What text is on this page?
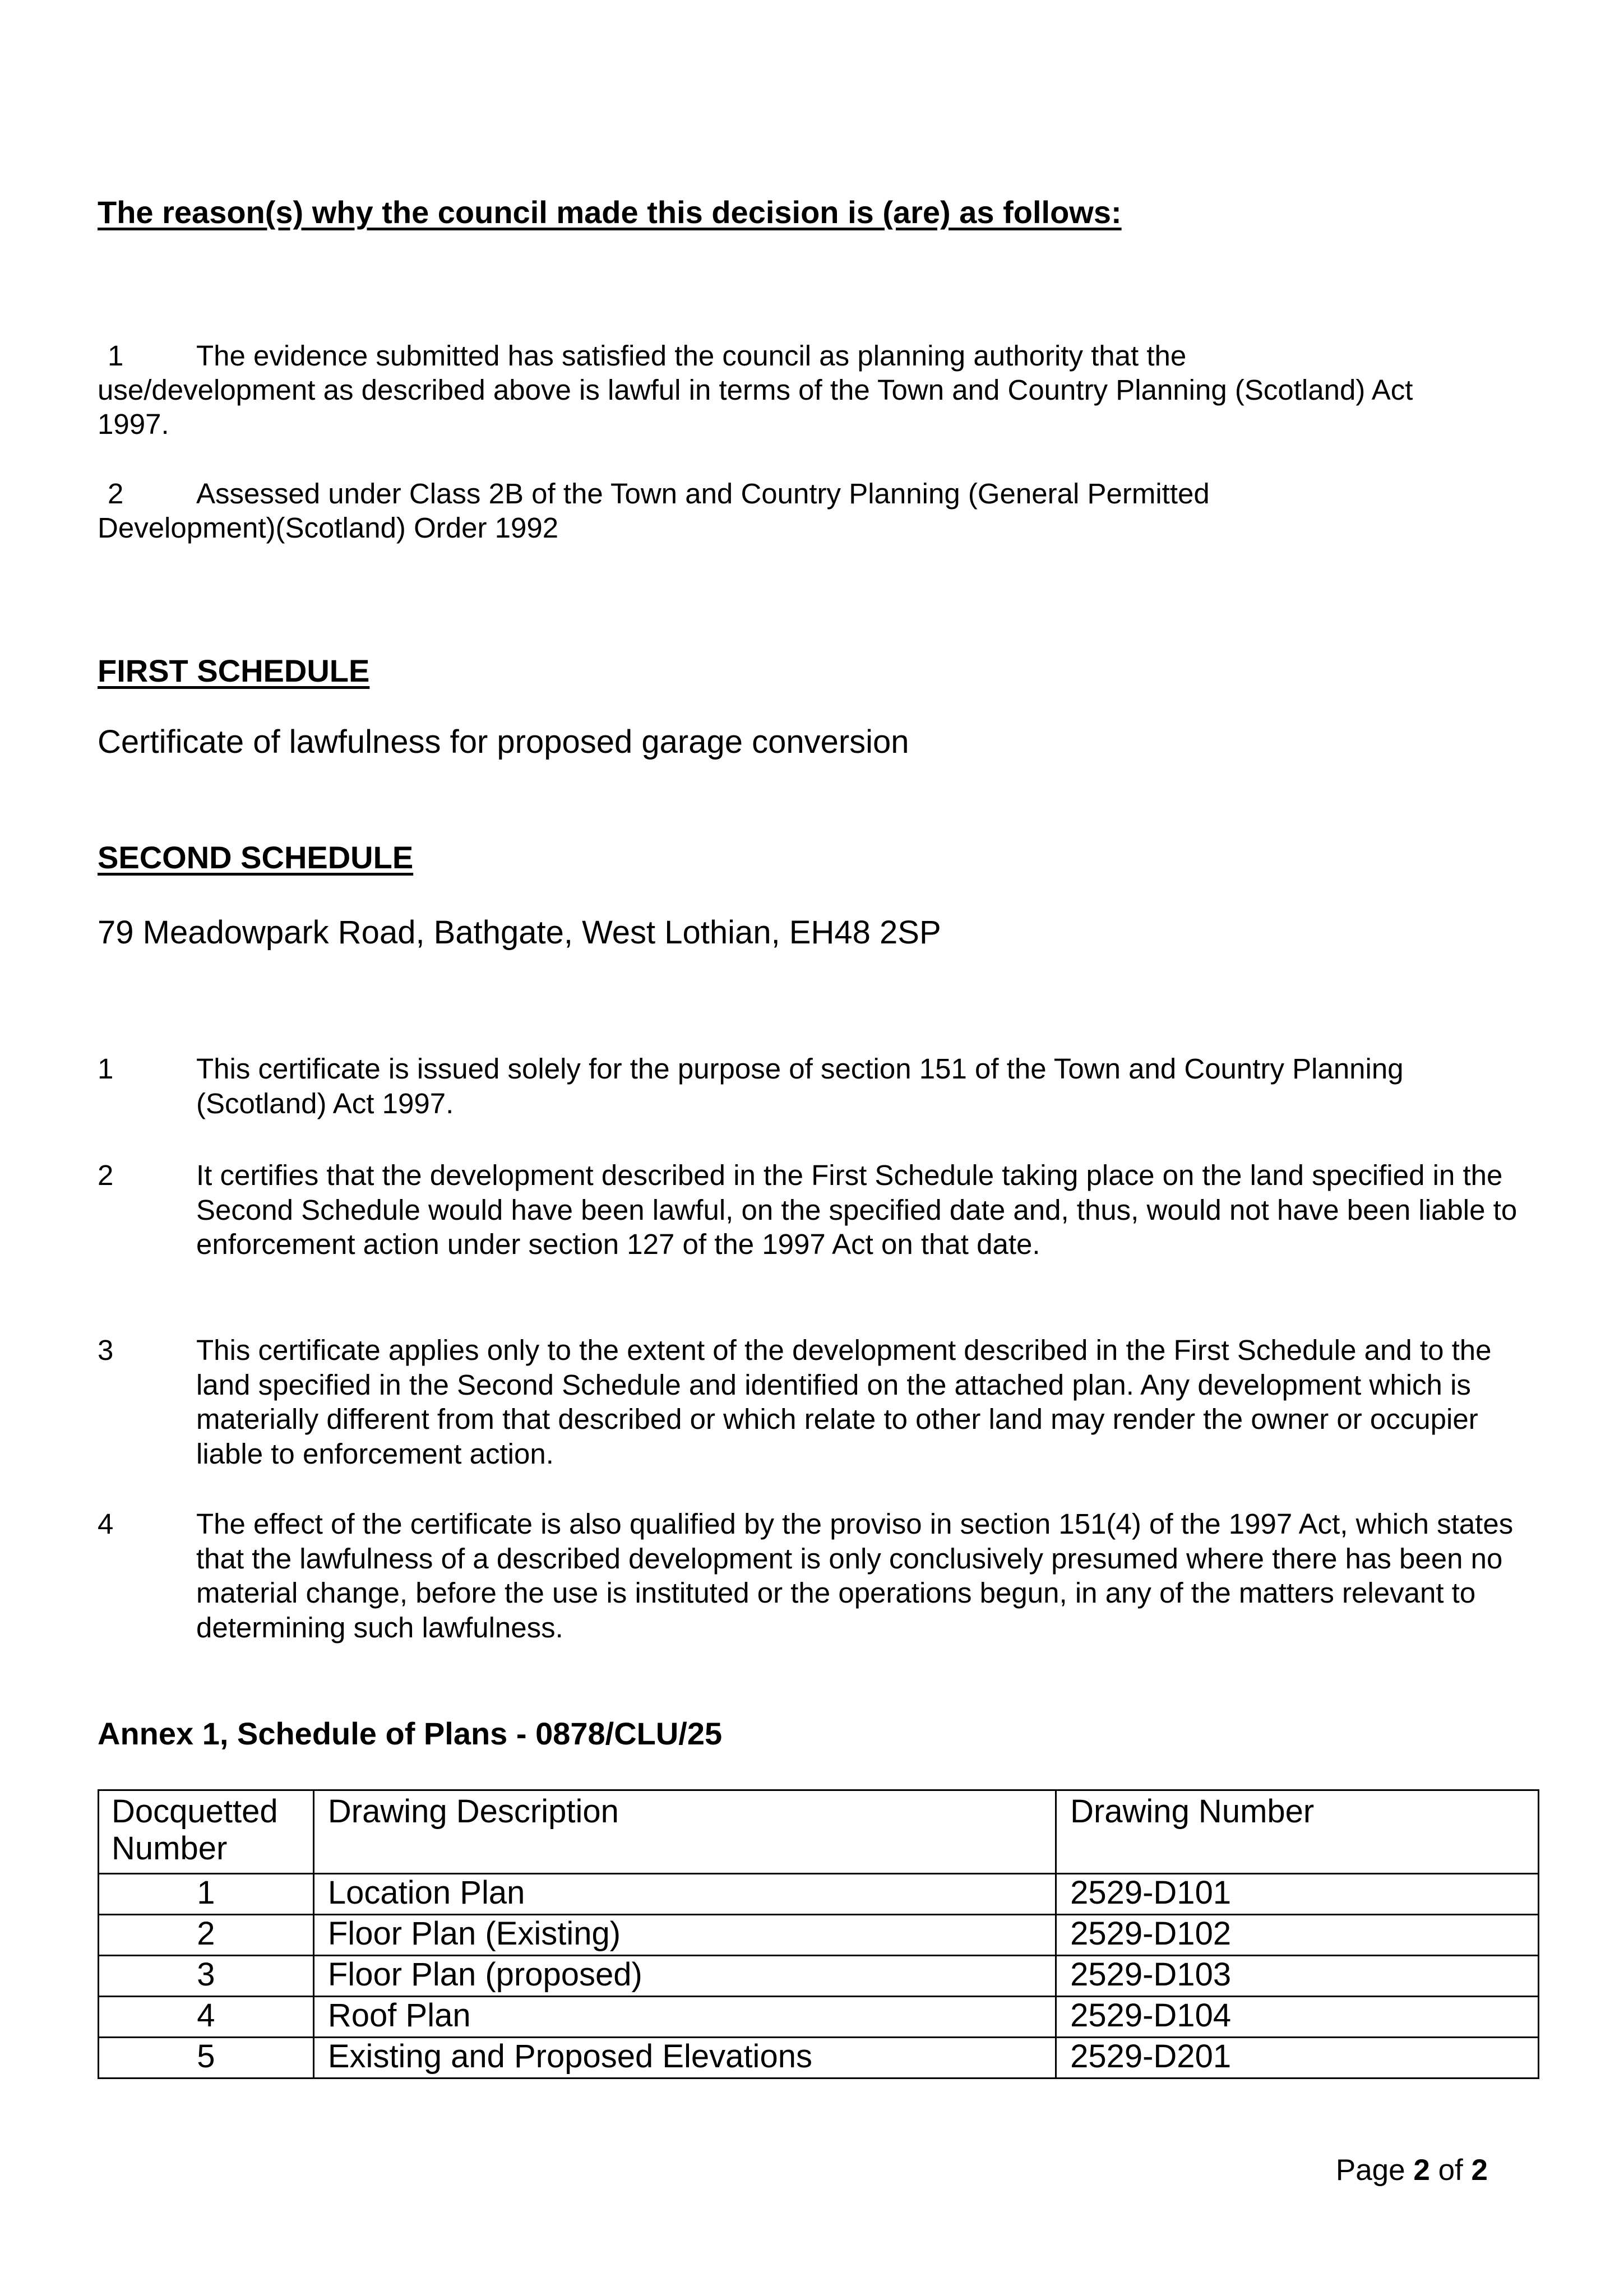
The reason(s) why the council made this decision is (are) as follows:
1	The evidence submitted has satisfied the council as planning authority that the
use/development as described above is lawful in terms of the Town and Country Planning (Scotland) Act 1997.
2	Assessed under Class 2B of the Town and Country Planning (General Permitted
Development)(Scotland) Order 1992
FIRST SCHEDULE
Certificate of lawfulness for proposed garage conversion
SECOND SCHEDULE
79 Meadowpark Road, Bathgate, West Lothian, EH48 2SP
1	This certificate is issued solely for the purpose of section 151 of the Town and Country Planning (Scotland) Act 1997.
2	It certifies that the development described in the First Schedule taking place on the land specified in the Second Schedule would have been lawful, on the specified date and, thus, would not have been liable to enforcement action under section 127 of the 1997 Act on that date.
3	This certificate applies only to the extent of the development described in the First Schedule and to the land specified in the Second Schedule and identified on the attached plan. Any development which is materially different from that described or which relate to other land may render the owner or occupier liable to enforcement action.
4	The effect of the certificate is also qualified by the proviso in section 151(4) of the 1997 Act, which states that the lawfulness of a described development is only conclusively presumed where there has been no material change, before the use is instituted or the operations begun, in any of the matters relevant to determining such lawfulness.
Annex 1, Schedule of Plans - 0878/CLU/25
Docquetted Number	Drawing Description	Drawing Number
1	Location Plan	2529-D101
2	Floor Plan (Existing)	2529-D102
3	Floor Plan (proposed)	2529-D103
4	Roof Plan	2529-D104
5	Existing and Proposed Elevations	2529-D201
Page 2 of 2
